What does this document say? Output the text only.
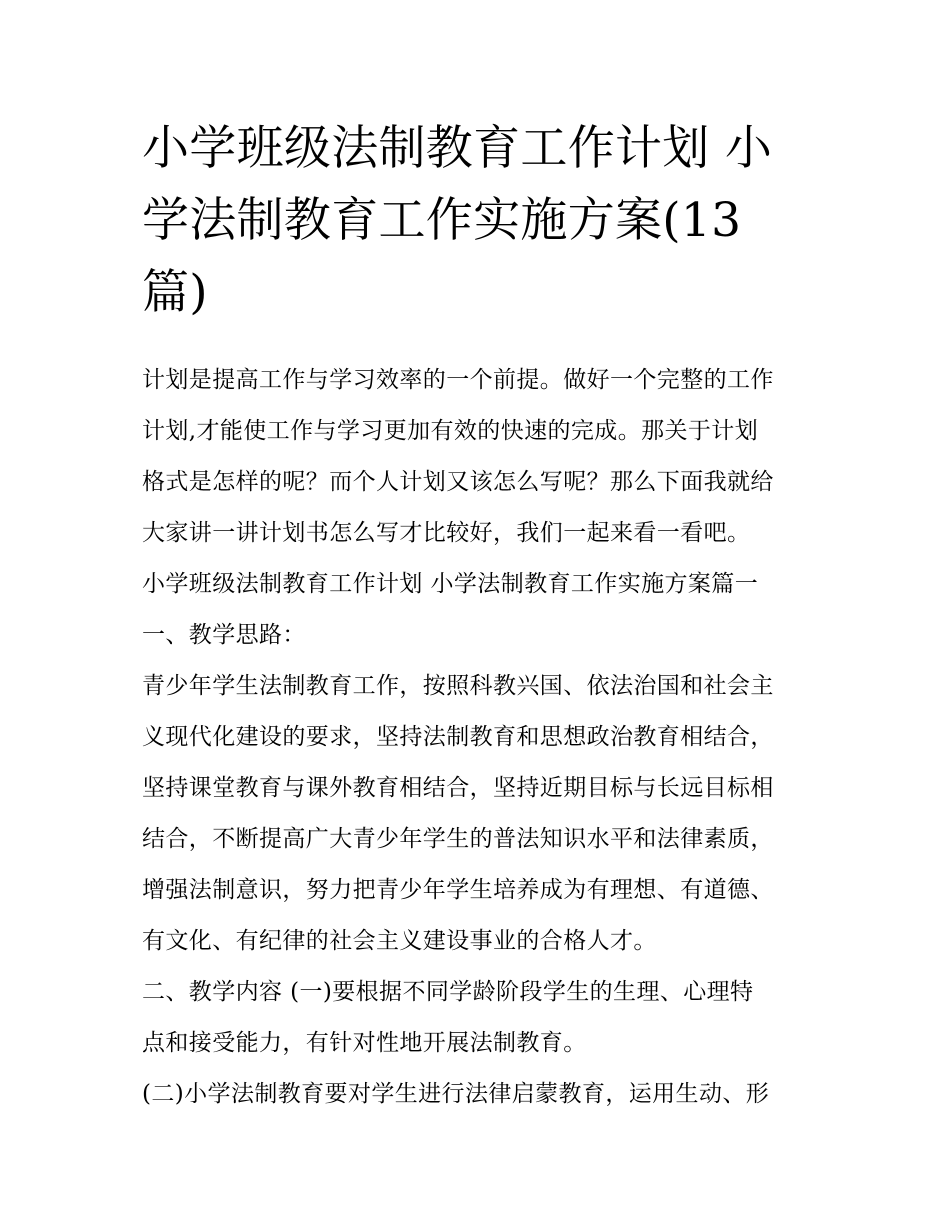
小学班级法制教育工作计划 小
学法制教育工作实施方案(13
篇)
计划是提高工作与学习效率的一个前提。做好一个完整的工作
计划,才能使工作与学习更加有效的快速的完成。那关于计划
格式是怎样的呢？而个人计划又该怎么写呢？那么下面我就给
大家讲一讲计划书怎么写才比较好，我们一起来看一看吧。
小学班级法制教育工作计划 小学法制教育工作实施方案篇一
一、教学思路：
青少年学生法制教育工作，按照科教兴国、依法治国和社会主
义现代化建设的要求，坚持法制教育和思想政治教育相结合，
坚持课堂教育与课外教育相结合，坚持近期目标与长远目标相
结合，不断提高广大青少年学生的普法知识水平和法律素质，
增强法制意识，努力把青少年学生培养成为有理想、有道德、
有文化、有纪律的社会主义建设事业的合格人才。
二、教学内容 (一)要根据不同学龄阶段学生的生理、心理特
点和接受能力，有针对性地开展法制教育。
(二)小学法制教育要对学生进行法律启蒙教育，运用生动、形
